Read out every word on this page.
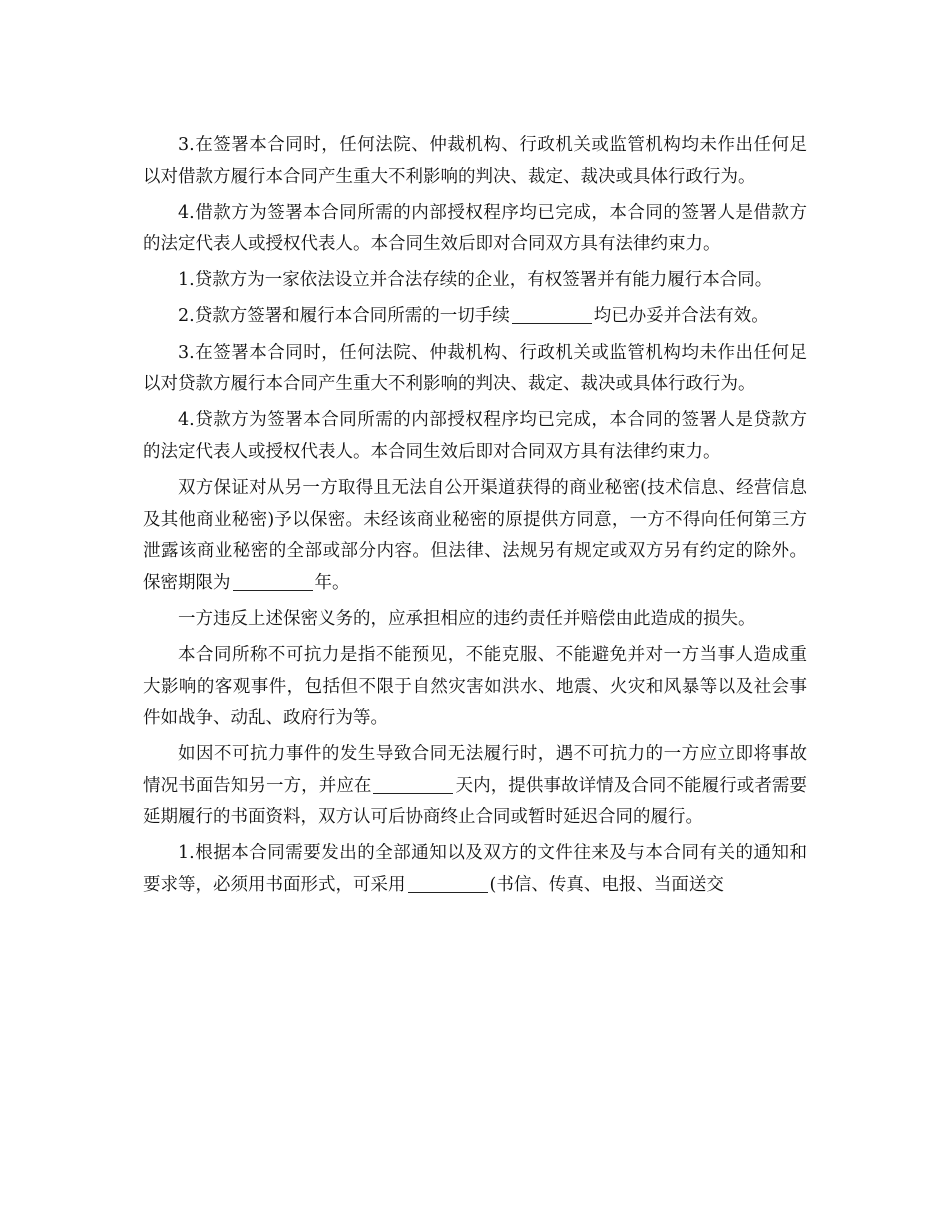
3.在签署本合同时，任何法院、仲裁机构、行政机关或监管机构均未作出任何足以对借款方履行本合同产生重大不利影响的判决、裁定、裁决或具体行政行为。

4.借款方为签署本合同所需的内部授权程序均已完成，本合同的签署人是借款方的法定代表人或授权代表人。本合同生效后即对合同双方具有法律约束力。

1.贷款方为一家依法设立并合法存续的企业，有权签署并有能力履行本合同。

2.贷款方签署和履行本合同所需的一切手续	均已办妥并合法有效。

3.在签署本合同时，任何法院、仲裁机构、行政机关或监管机构均未作出任何足以对贷款方履行本合同产生重大不利影响的判决、裁定、裁决或具体行政行为。

4.贷款方为签署本合同所需的内部授权程序均已完成，本合同的签署人是贷款方的法定代表人或授权代表人。本合同生效后即对合同双方具有法律约束力。

双方保证对从另一方取得且无法自公开渠道获得的商业秘密(技术信息、经营信息及其他商业秘密)予以保密。未经该商业秘密的原提供方同意，一方不得向任何第三方泄露该商业秘密的全部或部分内容。但法律、法规另有规定或双方另有约定的除外。保密期限为	年。

一方违反上述保密义务的，应承担相应的违约责任并赔偿由此造成的损失。

本合同所称不可抗力是指不能预见，不能克服、不能避免并对一方当事人造成重大影响的客观事件，包括但不限于自然灾害如洪水、地震、火灾和风暴等以及社会事件如战争、动乱、政府行为等。

如因不可抗力事件的发生导致合同无法履行时，遇不可抗力的一方应立即将事故情况书面告知另一方，并应在	天内，提供事故详情及合同不能履行或者需要延期履行的书面资料，双方认可后协商终止合同或暂时延迟合同的履行。

1.根据本合同需要发出的全部通知以及双方的文件往来及与本合同有关的通知和要求等，必须用书面形式，可采用	(书信、传真、电报、当面送交
